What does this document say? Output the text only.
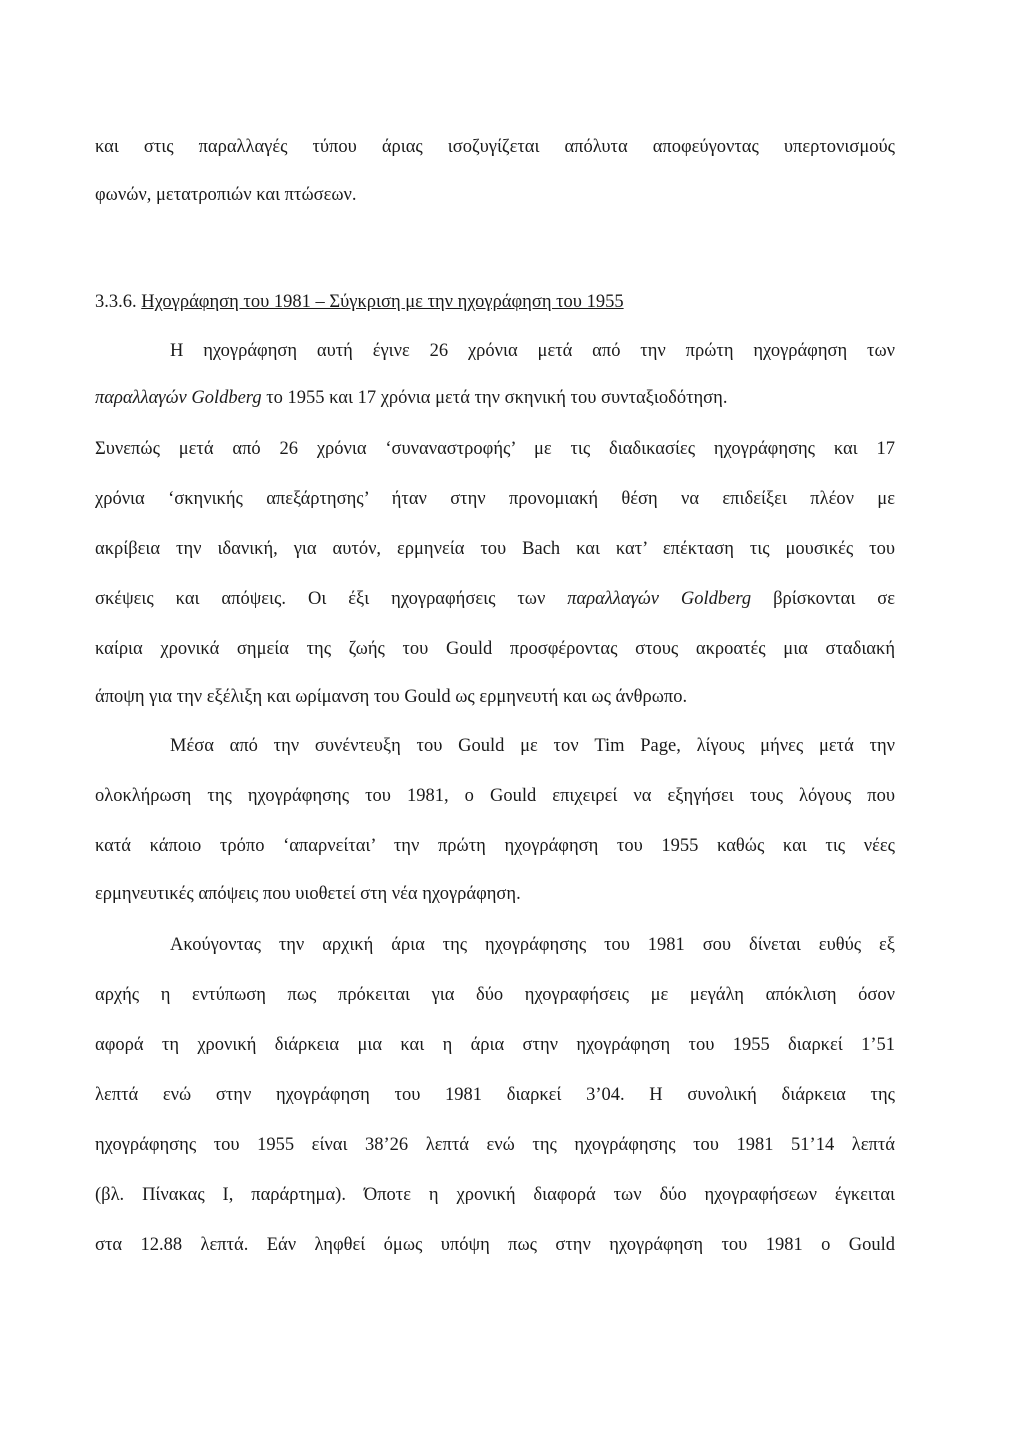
και στις παραλλαγές τύπου άριας ισοζυγίζεται απόλυτα αποφεύγοντας υπερτονισμούς
φωνών, μετατροπιών και πτώσεων.
3.3.6. Ηχογράφηση του 1981 – Σύγκριση με την ηχογράφηση του 1955
Η ηχογράφηση αυτή έγινε 26 χρόνια μετά από την πρώτη ηχογράφηση των
παραλλαγών Goldberg το 1955 και 17 χρόνια μετά την σκηνική του συνταξιοδότηση.
Συνεπώς μετά από 26 χρόνια ‘συναναστροφής’ με τις διαδικασίες ηχογράφησης και 17
χρόνια ‘σκηνικής απεξάρτησης’ ήταν στην προνομιακή θέση να επιδείξει πλέον με
ακρίβεια την ιδανική, για αυτόν, ερμηνεία του Bach και κατ’ επέκταση τις μουσικές του
σκέψεις και απόψεις. Οι έξι ηχογραφήσεις των παραλλαγών Goldberg βρίσκονται σε
καίρια χρονικά σημεία της ζωής του Gould προσφέροντας στους ακροατές μια σταδιακή
άποψη για την εξέλιξη και ωρίμανση του Gould ως ερμηνευτή και ως άνθρωπο.
Μέσα από την συνέντευξη του Gould με τον Tim Page, λίγους μήνες μετά την
ολοκλήρωση της ηχογράφησης του 1981, ο Gould επιχειρεί να εξηγήσει τους λόγους που
κατά κάποιο τρόπο ‘απαρνείται’ την πρώτη ηχογράφηση του 1955 καθώς και τις νέες
ερμηνευτικές απόψεις που υιοθετεί στη νέα ηχογράφηση.
Ακούγοντας την αρχική άρια της ηχογράφησης του 1981 σου δίνεται ευθύς εξ
αρχής η εντύπωση πως πρόκειται για δύο ηχογραφήσεις με μεγάλη απόκλιση όσον
αφορά τη χρονική διάρκεια μια και η άρια στην ηχογράφηση του 1955 διαρκεί 1’51
λεπτά ενώ στην ηχογράφηση του 1981 διαρκεί 3’04. Η συνολική διάρκεια της
ηχογράφησης του 1955 είναι 38’26 λεπτά ενώ της ηχογράφησης του 1981 51’14 λεπτά
(βλ. Πίνακας Ι, παράρτημα). Όποτε η χρονική διαφορά των δύο ηχογραφήσεων έγκειται
στα 12.88 λεπτά. Εάν ληφθεί όμως υπόψη πως στην ηχογράφηση του 1981 ο Gould
